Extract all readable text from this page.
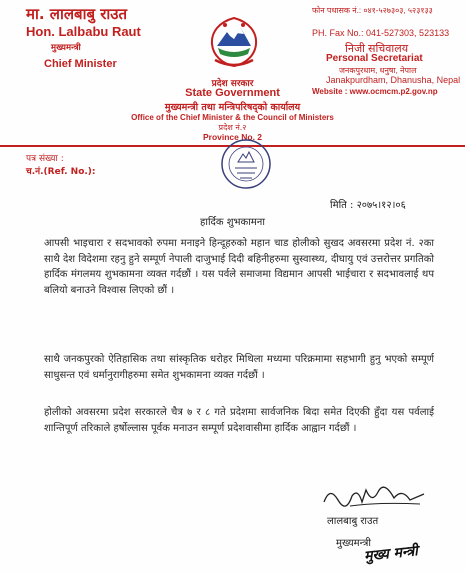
मा. लालबाबु राउत
Hon. Lalbabu Raut
मुख्यमन्त्री
Chief Minister
फोन पधासक नं.: ०४१-५२७३०३, ५२३१३३
PH. Fax No.: 041-527303, 523133
निजी सचिवालय
Personal Secretariat
जनकपुरधाम, धनुषा, नेपाल
Janakpurdham, Dhanusha, Nepal
Website : www.ocmcm.p2.gov.np
प्रदेश सरकार
State Government
मुख्यमन्त्री तथा मन्त्रिपरिषद्को कार्यालय
Office of the Chief Minister & the Council of Ministers
प्रदेश नं.२
Province No. 2
पत्र संख्या :
च.नं.(Ref. No.):
मिति : २०७५।१२।०६
हार्दिक शुभकामना
आपसी भाइचारा र सदभावको रुपमा मनाइने हिन्दूहरुको महान चाड होलीको सुखद अवसरमा प्रदेश नं. २का साथै देश विदेशमा रहनु हुने सम्पूर्ण नेपाली दाजुभाई दिदी बहिनीहरुमा सुस्वास्थ्य, दीघायु एवं उत्तरोत्तर प्रगतिको हार्दिक मंगलमय शुभकामना व्यक्त गर्दछौं । यस पर्वले समाजमा विद्यमान आपसी भाईचारा र सदभावलाई थप बलियो बनाउने विश्वास लिएको छौं ।
साथै जनकपुरको ऐतिहासिक तथा सांस्कृतिक धरोहर मिथिला मध्यमा परिक्रमामा सहभागी हुनु भएको सम्पूर्ण साधुसन्त एवं धर्मानुरागीहरुमा समेत शुभकामना व्यक्त गर्दछौं ।
होलीको अवसरमा प्रदेश सरकारले चैत्र ७ र ८ गते प्रदेशमा सार्वजनिक बिदा समेत दिएकी हुँदा यस पर्वलाई शान्तिपूर्ण तरिकाले हर्षोल्लास पूर्वक मनाउन सम्पूर्ण प्रदेशवासीमा हार्दिक आह्वान गर्दछौं ।
लालबाबु राउत
मुख्यमन्त्री
मुख्य मन्त्री
